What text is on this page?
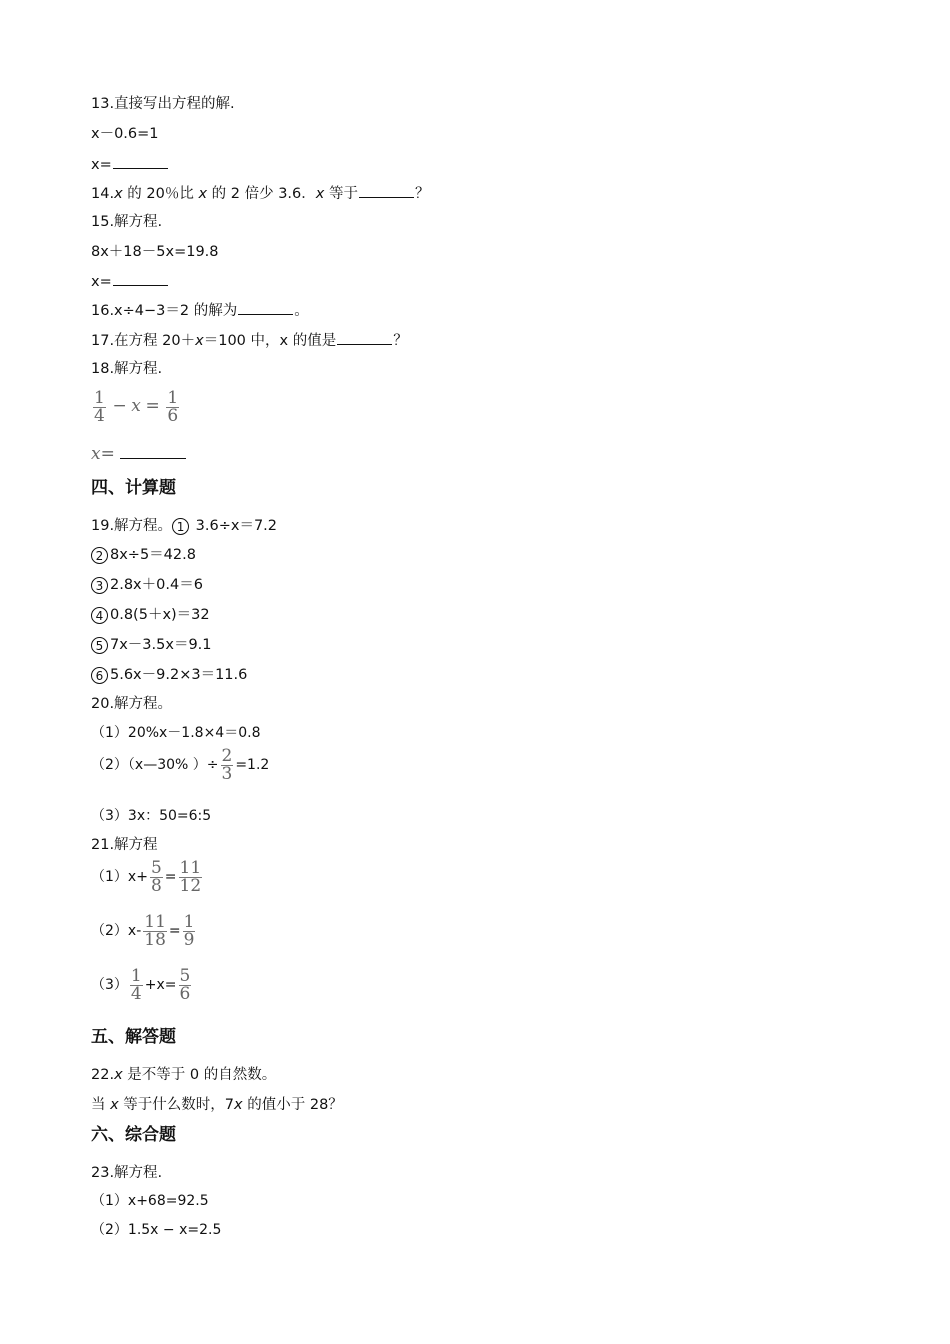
13.直接写出方程的解.
x－0.6=1
x=
14.x 的 20％比 x 的 2 倍少 3.6．x 等于	？
15.解方程.
8x＋18－5x=19.8
x=
16.x÷4−3＝2 的解为	。
17.在方程 20＋x＝100 中，x 的值是	？
18.解方程.
$\frac{1}{4} - x = \frac{1}{6}$
x=
四、计算题
19.解方程。 1 3.6÷x＝7.2
2 8x÷5＝42.8
3 2.8x＋0.4＝6
4 0.8(5＋x)＝32
5 7x－3.5x＝9.1
6 5.6x－9.2×3＝11.6
20.解方程。
（1）20%x－1.8×4＝0.8
（2）（x—30% ）÷ $\frac{2}{3} =1.2$
（3）3x：50=6:5
21.解方程
$(1)x+ \frac{5}{8} = \frac{11}{12}$
$(2)x- \frac{11}{18} = \frac{1}{9}$
$(3) \frac{1}{4} +x= \frac{5}{6}$
五、解答题
22.x 是不等于 0 的自然数。
当 x 等于什么数时，7x 的值小于 28？
六、综合题
23.解方程.
（1）x+68=92.5
（2）1.5x − x=2.5
